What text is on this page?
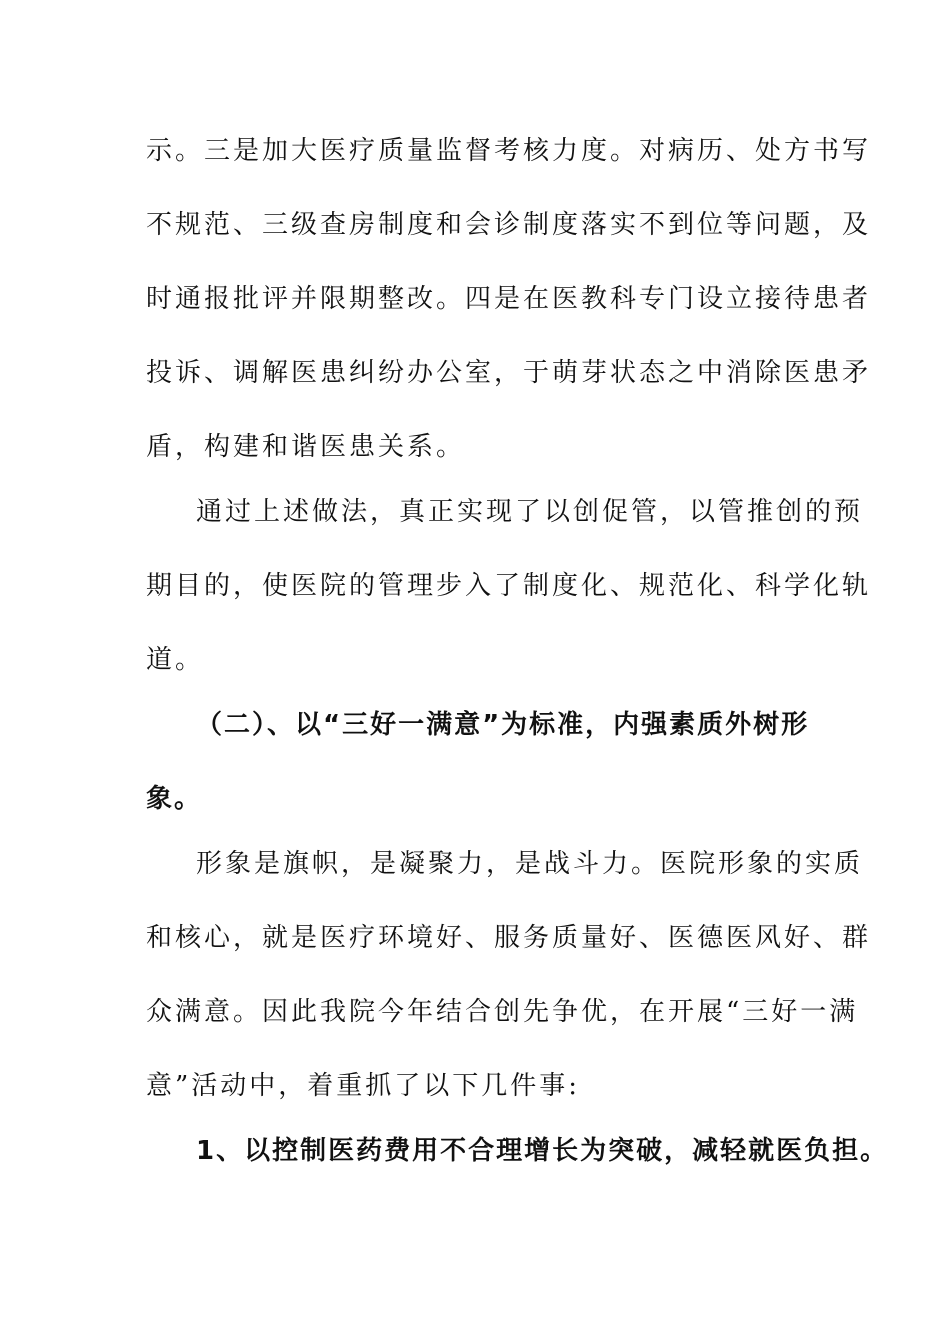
示。三是加大医疗质量监督考核力度。对病历、处方书写
不规范、三级查房制度和会诊制度落实不到位等问题，及
时通报批评并限期整改。四是在医教科专门设立接待患者
投诉、调解医患纠纷办公室，于萌芽状态之中消除医患矛
盾，构建和谐医患关系。
通过上述做法，真正实现了以创促管，以管推创的预
期目的，使医院的管理步入了制度化、规范化、科学化轨
道。
（二）、以“三好一满意”为标准，内强素质外树形
象。
形象是旗帜，是凝聚力，是战斗力。医院形象的实质
和核心，就是医疗环境好、服务质量好、医德医风好、群
众满意。因此我院今年结合创先争优，在开展“三好一满
意”活动中，着重抓了以下几件事:
1、以控制医药费用不合理增长为突破，减轻就医负担。
